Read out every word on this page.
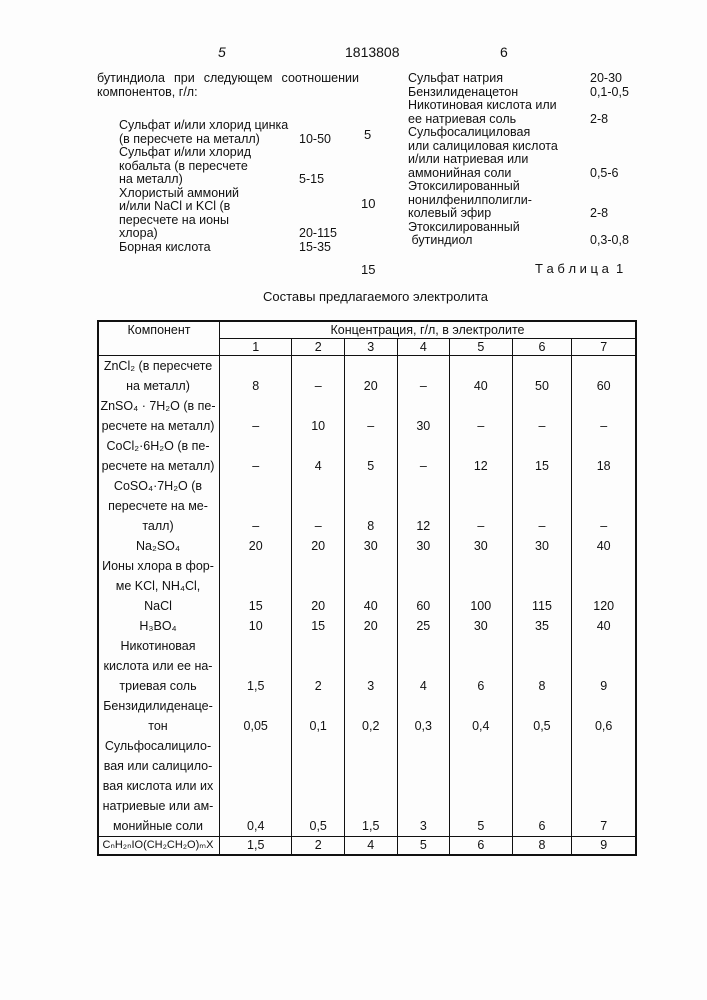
5	1813808	6
бутиндиола при следующем соотношении
компонентов, г/л:
Сульфат и/или хлорид цинка
(в пересчете на металл)	10-50
Сульфат и/или хлорид
кобальта (в пересчете
на металл)	5-15
Хлористый аммоний
и/или NaCl и KCl (в
пересчете на ионы
хлора)	20-115
Борная кислота	15-35
Сульфат натрия	20-30
Бензилиденацетон	0,1-0,5
Никотиновая кислота или
ее натриевая соль	2-8
Сульфосалициловая
или салициловая кислота
и/или натриевая или
аммонийная соли	0,5-6
Этоксилированный
нонилфенилполигли-
колевый эфир	2-8
Этоксилированный
бутиндиол	0,3-0,8
5
10
15	Т а б л и ц а  1
Составы предлагаемого электролита
Компонент	Концентрация, г/л, в электролите
1	2	3	4	5	6	7
ZnCl₂ (в пересчете
на металл)	8	–	20	–	40	50	60
ZnSO₄ · 7H₂O (в пе-
ресчете на металл)	–	10	–	30	–	–	–
CoCl₂·6H₂O (в пе-
ресчете на металл)	–	4	5	–	12	15	18
CoSO₄·7H₂O (в
пересчете на ме-
талл)	–	–	8	12	–	–	–
Na₂SO₄	20	20	30	30	30	30	40
Ионы хлора в фор-
ме KCl, NH₄Cl,
NaCl	15	20	40	60	100	115	120
H₃BO₄	10	15	20	25	30	35	40
Никотиновая
кислота или ее на-
триевая соль	1,5	2	3	4	6	8	9
Бензидилиденаце-
тон	0,05	0,1	0,2	0,3	0,4	0,5	0,6
Сульфосалицило-
вая или салицило-
вая кислота или их
натриевые или ам-
монийные соли	0,4	0,5	1,5	3	5	6	7
CₙH₂ₙIO(CH₂CH₂O)ₘX	1,5	2	4	5	6	8	9
